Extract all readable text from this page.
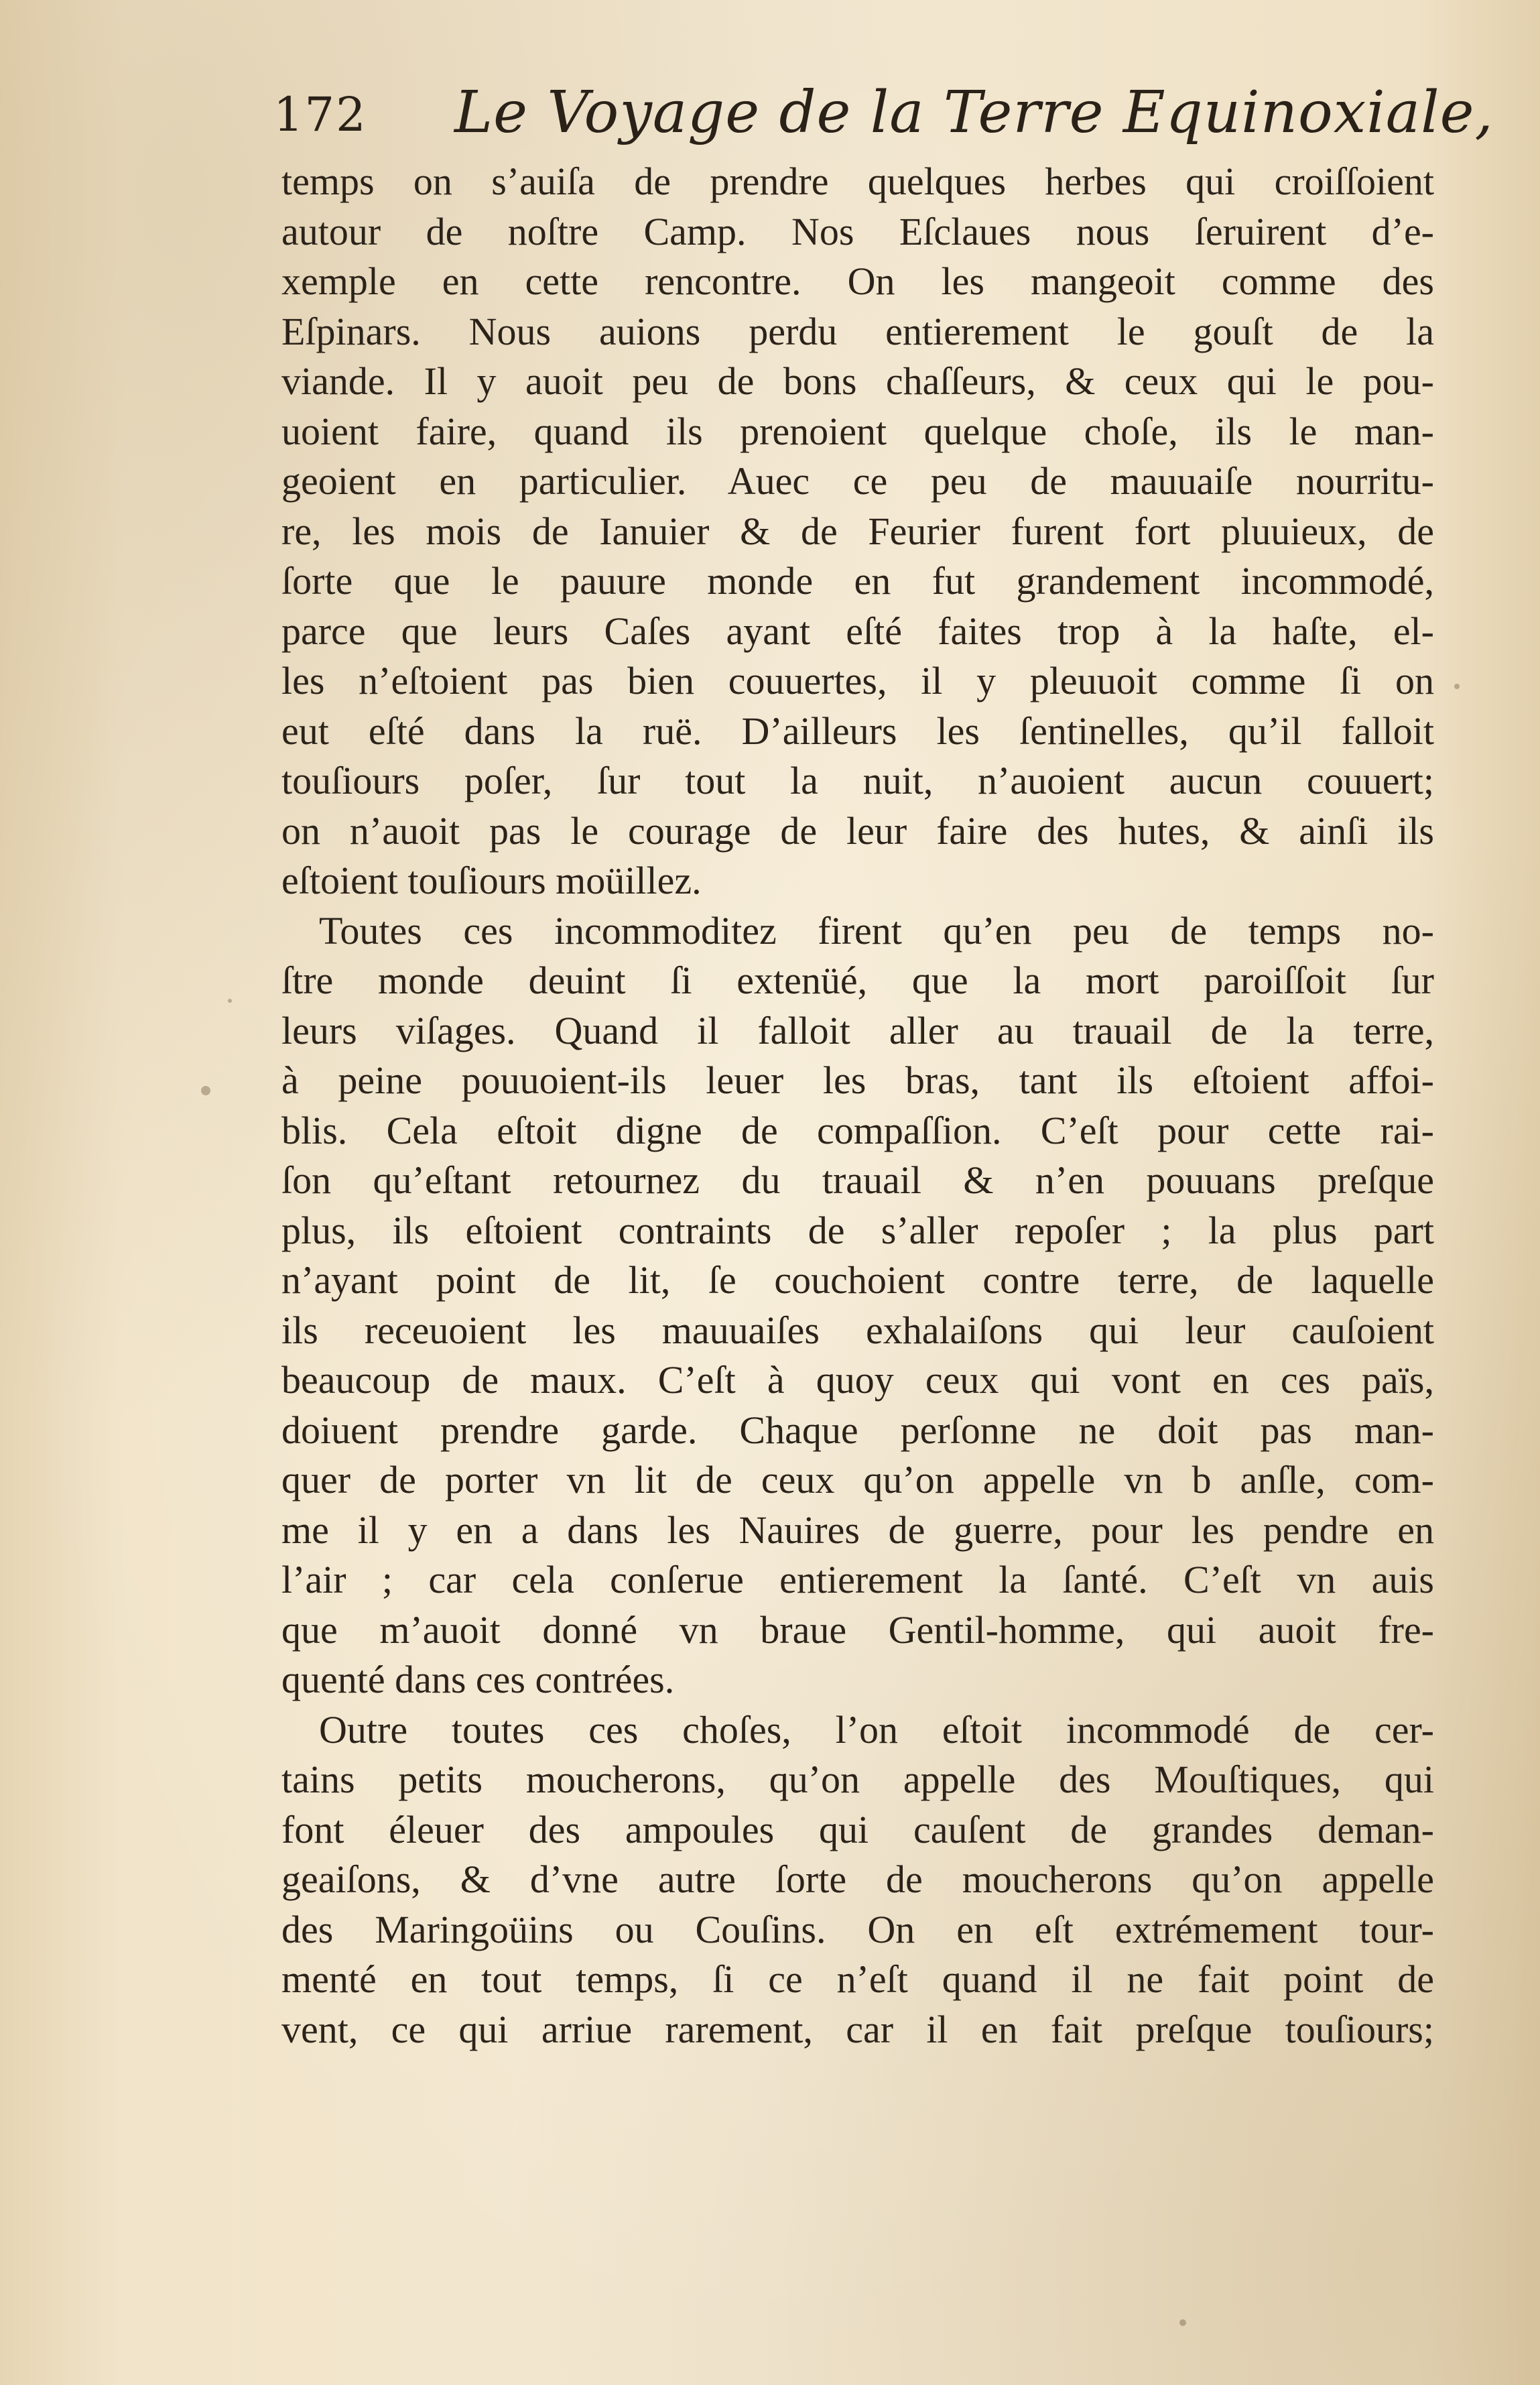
172 Le Voyage de la Terre Equinoxiale,
temps on s’auiſa de prendre quelques herbes qui croiſſoient
autour de noſtre Camp. Nos Eſclaues nous ſeruirent d’e-
xemple en cette rencontre. On les mangeoit comme des
Eſpinars. Nous auions perdu entierement le gouſt de la
viande. Il y auoit peu de bons chaſſeurs, & ceux qui le pou-
uoient faire, quand ils prenoient quelque choſe, ils le man-
geoient en particulier. Auec ce peu de mauuaiſe nourritu-
re, les mois de Ianuier & de Feurier furent fort pluuieux, de
ſorte que le pauure monde en fut grandement incommodé,
parce que leurs Caſes ayant eſté faites trop à la haſte, el-
les n’eſtoient pas bien couuertes, il y pleuuoit comme ſi on
eut eſté dans la ruë. D’ailleurs les ſentinelles, qu’il falloit
touſiours poſer, ſur tout la nuit, n’auoient aucun couuert;
on n’auoit pas le courage de leur faire des hutes, & ainſi ils
eſtoient touſiours moüillez.
Toutes ces incommoditez firent qu’en peu de temps no-
ſtre monde deuint ſi extenüé, que la mort paroiſſoit ſur
leurs viſages. Quand il falloit aller au trauail de la terre,
à peine pouuoient-ils leuer les bras, tant ils eſtoient affoi-
blis. Cela eſtoit digne de compaſſion. C’eſt pour cette rai-
ſon qu’eſtant retournez du trauail & n’en pouuans preſque
plus, ils eſtoient contraints de s’aller repoſer ; la plus part
n’ayant point de lit, ſe couchoient contre terre, de laquelle
ils receuoient les mauuaiſes exhalaiſons qui leur cauſoient
beaucoup de maux. C’eſt à quoy ceux qui vont en ces païs,
doiuent prendre garde. Chaque perſonne ne doit pas man-
quer de porter vn lit de ceux qu’on appelle vn b anſle, com-
me il y en a dans les Nauires de guerre, pour les pendre en
l’air ; car cela conſerue entierement la ſanté. C’eſt vn auis
que m’auoit donné vn braue Gentil-homme, qui auoit fre-
quenté dans ces contrées.
Outre toutes ces choſes, l’on eſtoit incommodé de cer-
tains petits moucherons, qu’on appelle des Mouſtiques, qui
font éleuer des ampoules qui cauſent de grandes deman-
geaiſons, & d’vne autre ſorte de moucherons qu’on appelle
des Maringoüins ou Couſins. On en eſt extrémement tour-
menté en tout temps, ſi ce n’eſt quand il ne fait point de
vent, ce qui arriue rarement, car il en fait preſque touſiours;
